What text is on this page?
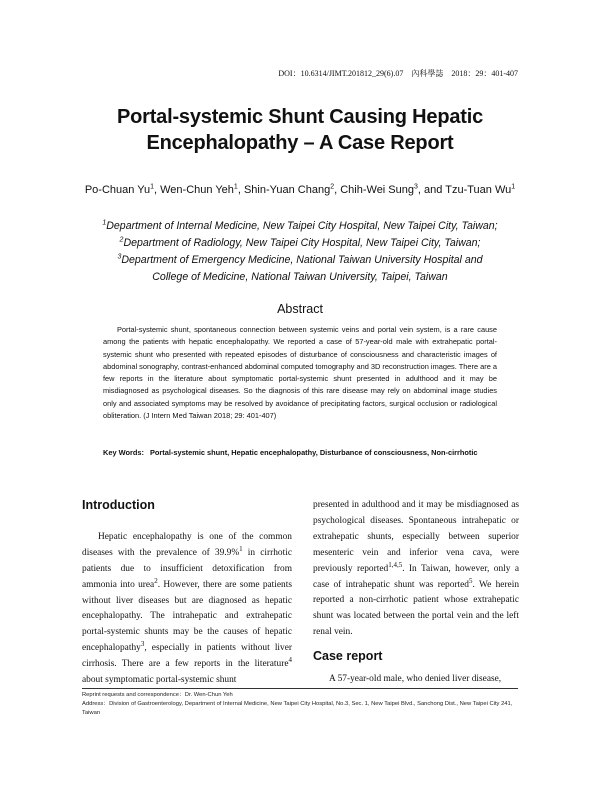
DOI：10.6314/JIMT.201812_29(6).07 內科學誌 2018：29：401-407
Portal-systemic Shunt Causing Hepatic
Encephalopathy – A Case Report
Po-Chuan Yu$^1$, Wen-Chun Yeh$^1$, Shin-Yuan Chang$^2$, Chih-Wei Sung$^3$, and Tzu-Tuan Wu$^1$
$^1$Department of Internal Medicine, New Taipei City Hospital, New Taipei City, Taiwan;
$^2$Department of Radiology, New Taipei City Hospital, New Taipei City, Taiwan;
$^3$Department of Emergency Medicine, National Taiwan University Hospital and
College of Medicine, National Taiwan University, Taipei, Taiwan
Abstract
Portal-systemic shunt, spontaneous connection between systemic veins and portal vein system, is a rare cause among the patients with hepatic encephalopathy. We reported a case of 57-year-old male with extrahepatic portal-systemic shunt who presented with repeated episodes of disturbance of consciousness and characteristic images of abdominal sonography, contrast-enhanced abdominal computed tomography and 3D reconstruction images. There are a few reports in the literature about symptomatic portal-systemic shunt presented in adulthood and it may be misdiagnosed as psychological diseases. So the diagnosis of this rare disease may rely on abdominal image studies only and associated symptoms may be resolved by avoidance of precipitating factors, surgical occlusion or radiological obliteration. (J Intern Med Taiwan 2018; 29: 401-407)
Key Words: Portal-systemic shunt, Hepatic encephalopathy, Disturbance of consciousness, Non-cirrhotic
Introduction

Hepatic encephalopathy is one of the common diseases with the prevalence of 39.9%$^1$ in cirrhotic patients due to insufficient detoxification from ammonia into urea$^2$. However, there are some patients without liver diseases but are diagnosed as hepatic encephalopathy. The intrahepatic and extrahepatic portal-systemic shunts may be the causes of hepatic encephalopathy$^3$, especially in patients without liver cirrhosis. There are a few reports in the literature$^4$ about symptomatic portal-systemic shunt

presented in adulthood and it may be misdiagnosed as psychological diseases. Spontaneous intrahepatic or extrahepatic shunts, especially between superior mesenteric vein and inferior vena cava, were previously reported$^{1,4,5}$. In Taiwan, however, only a case of intrahepatic shunt was reported$^5$. We herein reported a non-cirrhotic patient whose extrahepatic shunt was located between the portal vein and the left renal vein.

Case report

A 57-year-old male, who denied liver disease,

Reprint requests and correspondence：Dr. Wen-Chun Yeh
Address：Division of Gastroenterology, Department of Internal Medicine, New Taipei City Hospital, No.3, Sec. 1, New Taipei Blvd., Sanchong Dist., New Taipei City 241, Taiwan
